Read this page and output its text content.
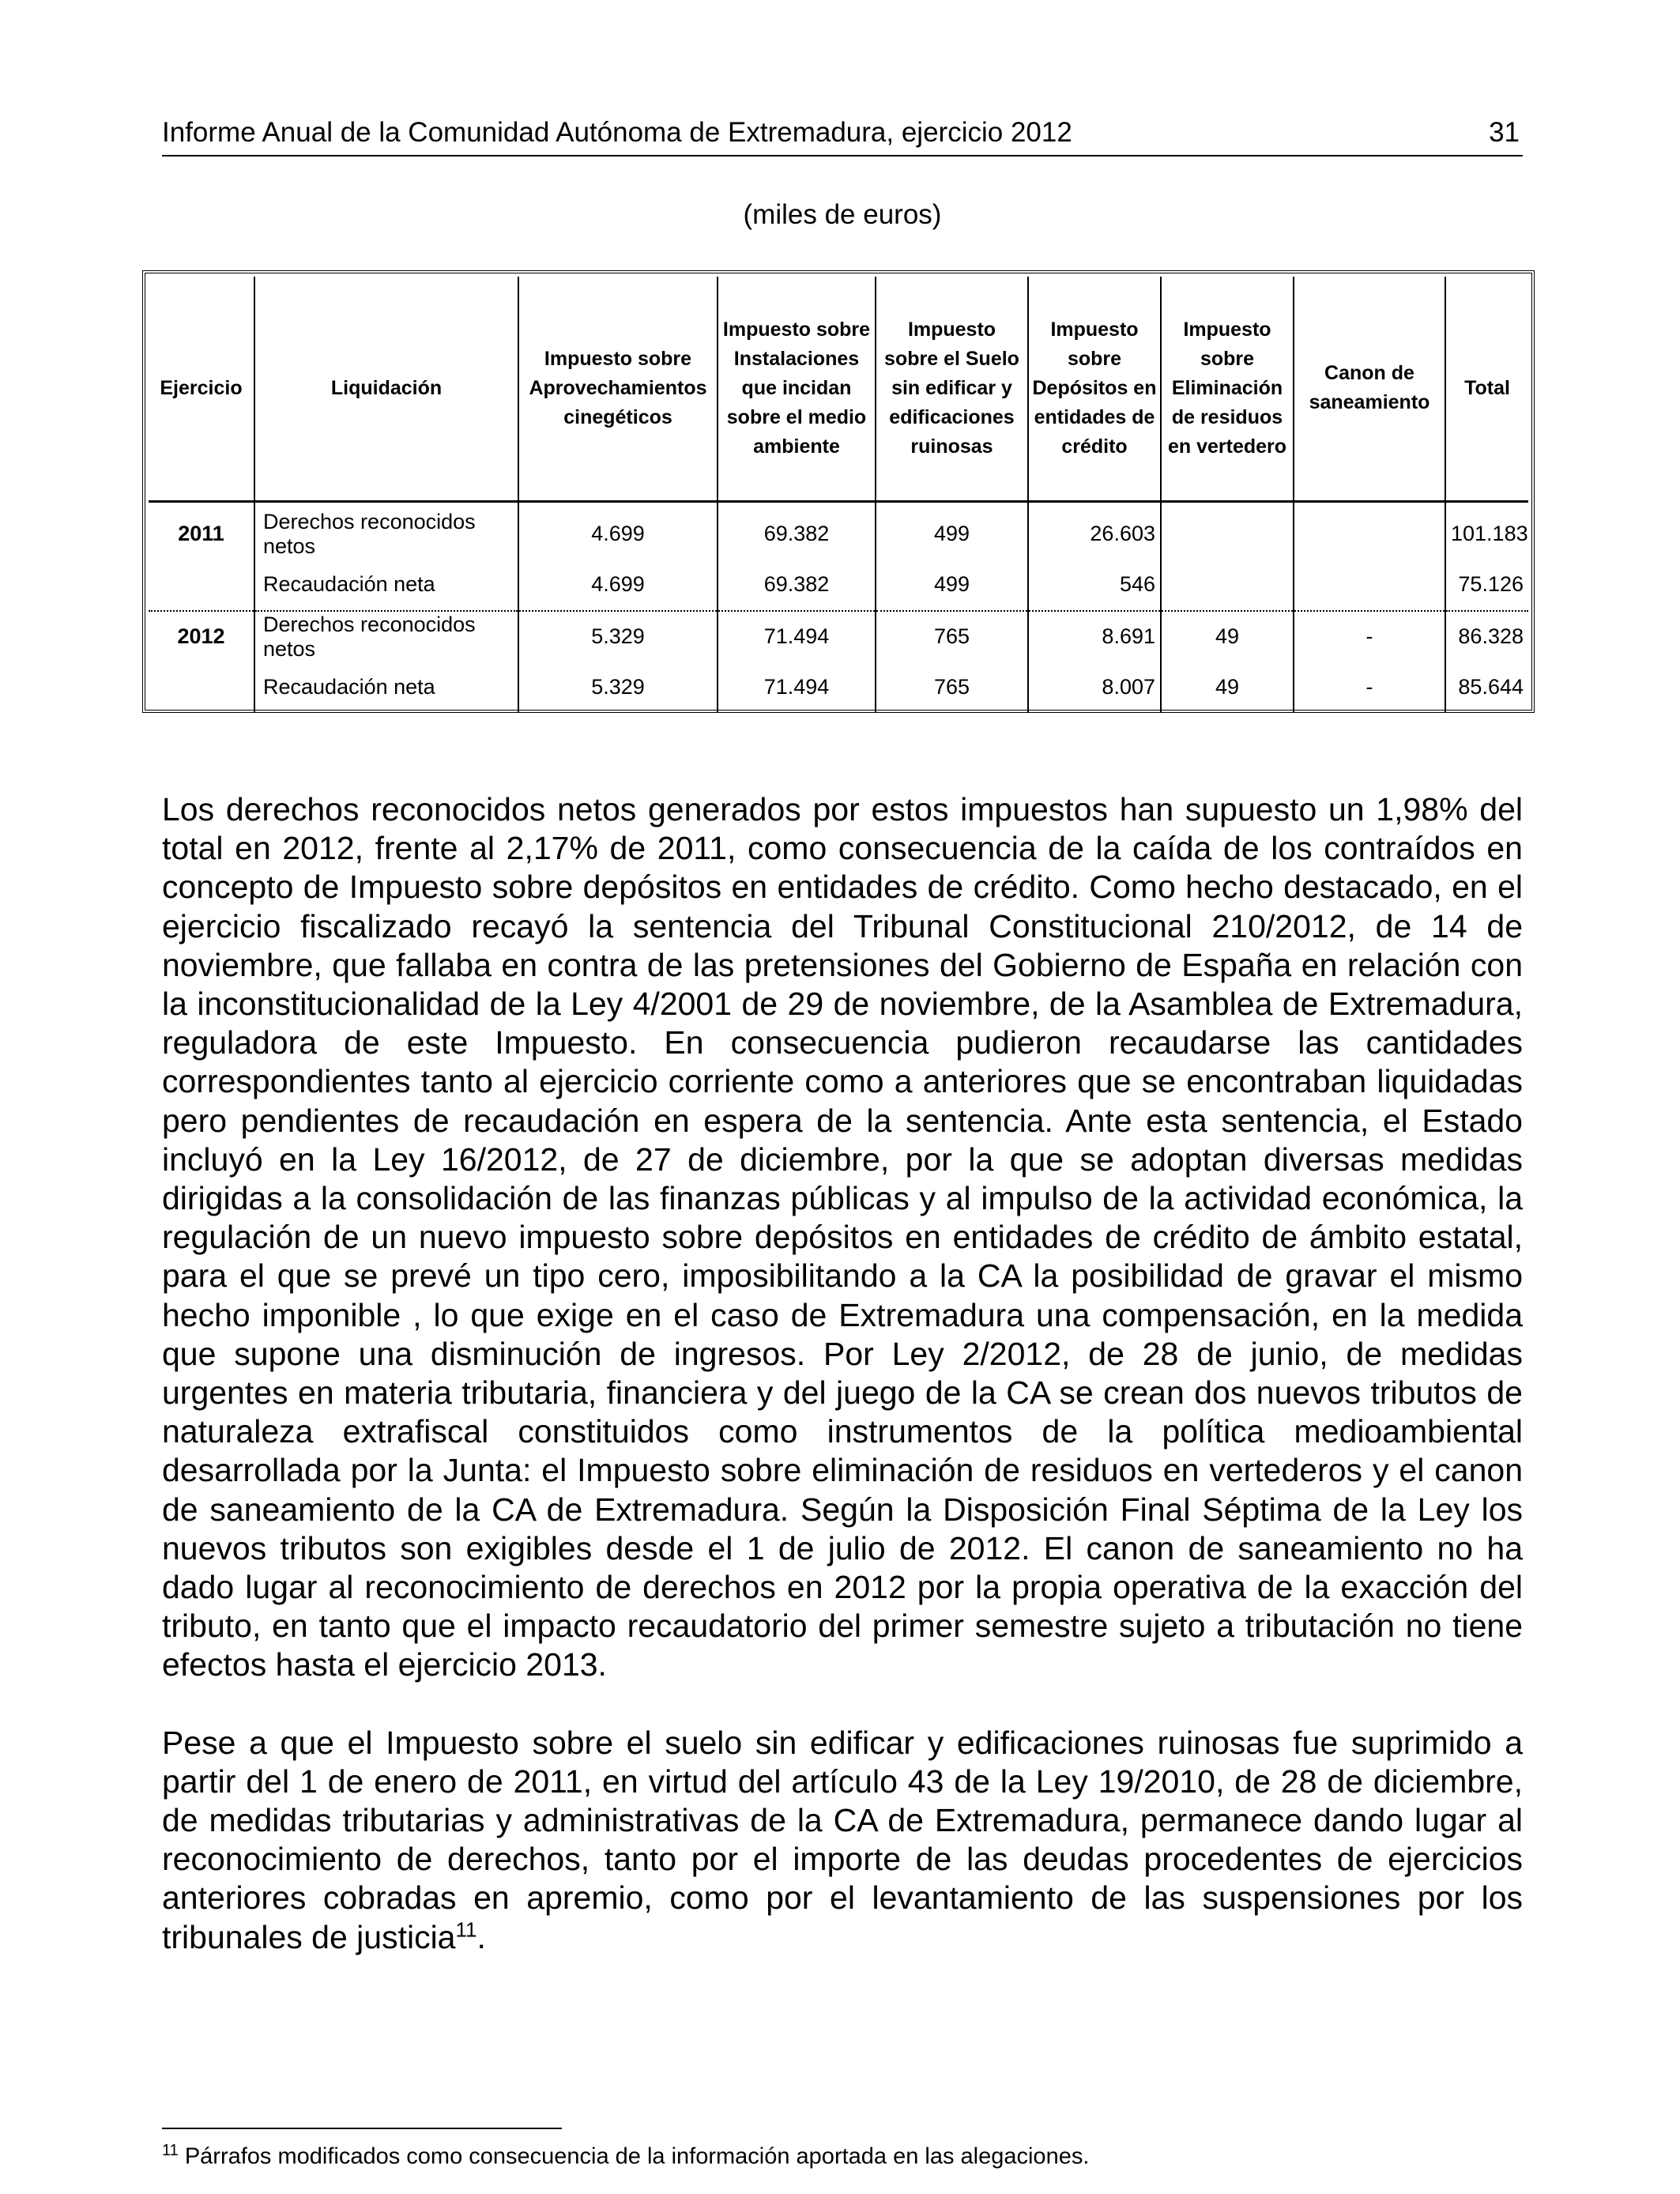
Informe Anual de la Comunidad Autónoma de Extremadura, ejercicio 2012	31
(miles de euros)
Ejercicio	Liquidación	Impuesto sobre Aprovechamientos cinegéticos	Impuesto sobre Instalaciones que incidan sobre el medio ambiente	Impuesto sobre el Suelo sin edificar y edificaciones ruinosas	Impuesto sobre Depósitos en entidades de crédito	Impuesto sobre Eliminación de residuos en vertedero	Canon de saneamiento	Total
2011	Derechos reconocidos netos	4.699	69.382	499	26.603			101.183
	Recaudación neta	4.699	69.382	499	546			75.126
2012	Derechos reconocidos netos	5.329	71.494	765	8.691	49	-	86.328
	Recaudación neta	5.329	71.494	765	8.007	49	-	85.644

Los derechos reconocidos netos generados por estos impuestos han supuesto un 1,98% del total en 2012, frente al 2,17% de 2011, como consecuencia de la caída de los contraídos en concepto de Impuesto sobre depósitos en entidades de crédito. Como hecho destacado, en el ejercicio fiscalizado recayó la sentencia del Tribunal Constitucional 210/2012, de 14 de noviembre, que fallaba en contra de las pretensiones del Gobierno de España en relación con la inconstitucionalidad de la Ley 4/2001 de 29 de noviembre, de la Asamblea de Extremadura, reguladora de este Impuesto. En consecuencia pudieron recaudarse las cantidades correspondientes tanto al ejercicio corriente como a anteriores que se encontraban liquidadas pero pendientes de recaudación en espera de la sentencia. Ante esta sentencia, el Estado incluyó en la Ley 16/2012, de 27 de diciembre, por la que se adoptan diversas medidas dirigidas a la consolidación de las finanzas públicas y al impulso de la actividad económica, la regulación de un nuevo impuesto sobre depósitos en entidades de crédito de ámbito estatal, para el que se prevé un tipo cero, imposibilitando a la CA la posibilidad de gravar el mismo hecho imponible , lo que exige en el caso de Extremadura una compensación, en la medida que supone una disminución de ingresos. Por Ley 2/2012, de 28 de junio, de medidas urgentes en materia tributaria, financiera y del juego de la CA se crean dos nuevos tributos de naturaleza extrafiscal constituidos como instrumentos de la política medioambiental desarrollada por la Junta: el Impuesto sobre eliminación de residuos en vertederos y el canon de saneamiento de la CA de Extremadura. Según la Disposición Final Séptima de la Ley los nuevos tributos son exigibles desde el 1 de julio de 2012. El canon de saneamiento no ha dado lugar al reconocimiento de derechos en 2012 por la propia operativa de la exacción del tributo, en tanto que el impacto recaudatorio del primer semestre sujeto a tributación no tiene efectos hasta el ejercicio 2013.

Pese a que el Impuesto sobre el suelo sin edificar y edificaciones ruinosas fue suprimido a partir del 1 de enero de 2011, en virtud del artículo 43 de la Ley 19/2010, de 28 de diciembre, de medidas tributarias y administrativas de la CA de Extremadura, permanece dando lugar al reconocimiento de derechos, tanto por el importe de las deudas procedentes de ejercicios anteriores cobradas en apremio, como por el levantamiento de las suspensiones por los tribunales de justicia$^{11}$.

$^{11}$ Párrafos modificados como consecuencia de la información aportada en las alegaciones.
